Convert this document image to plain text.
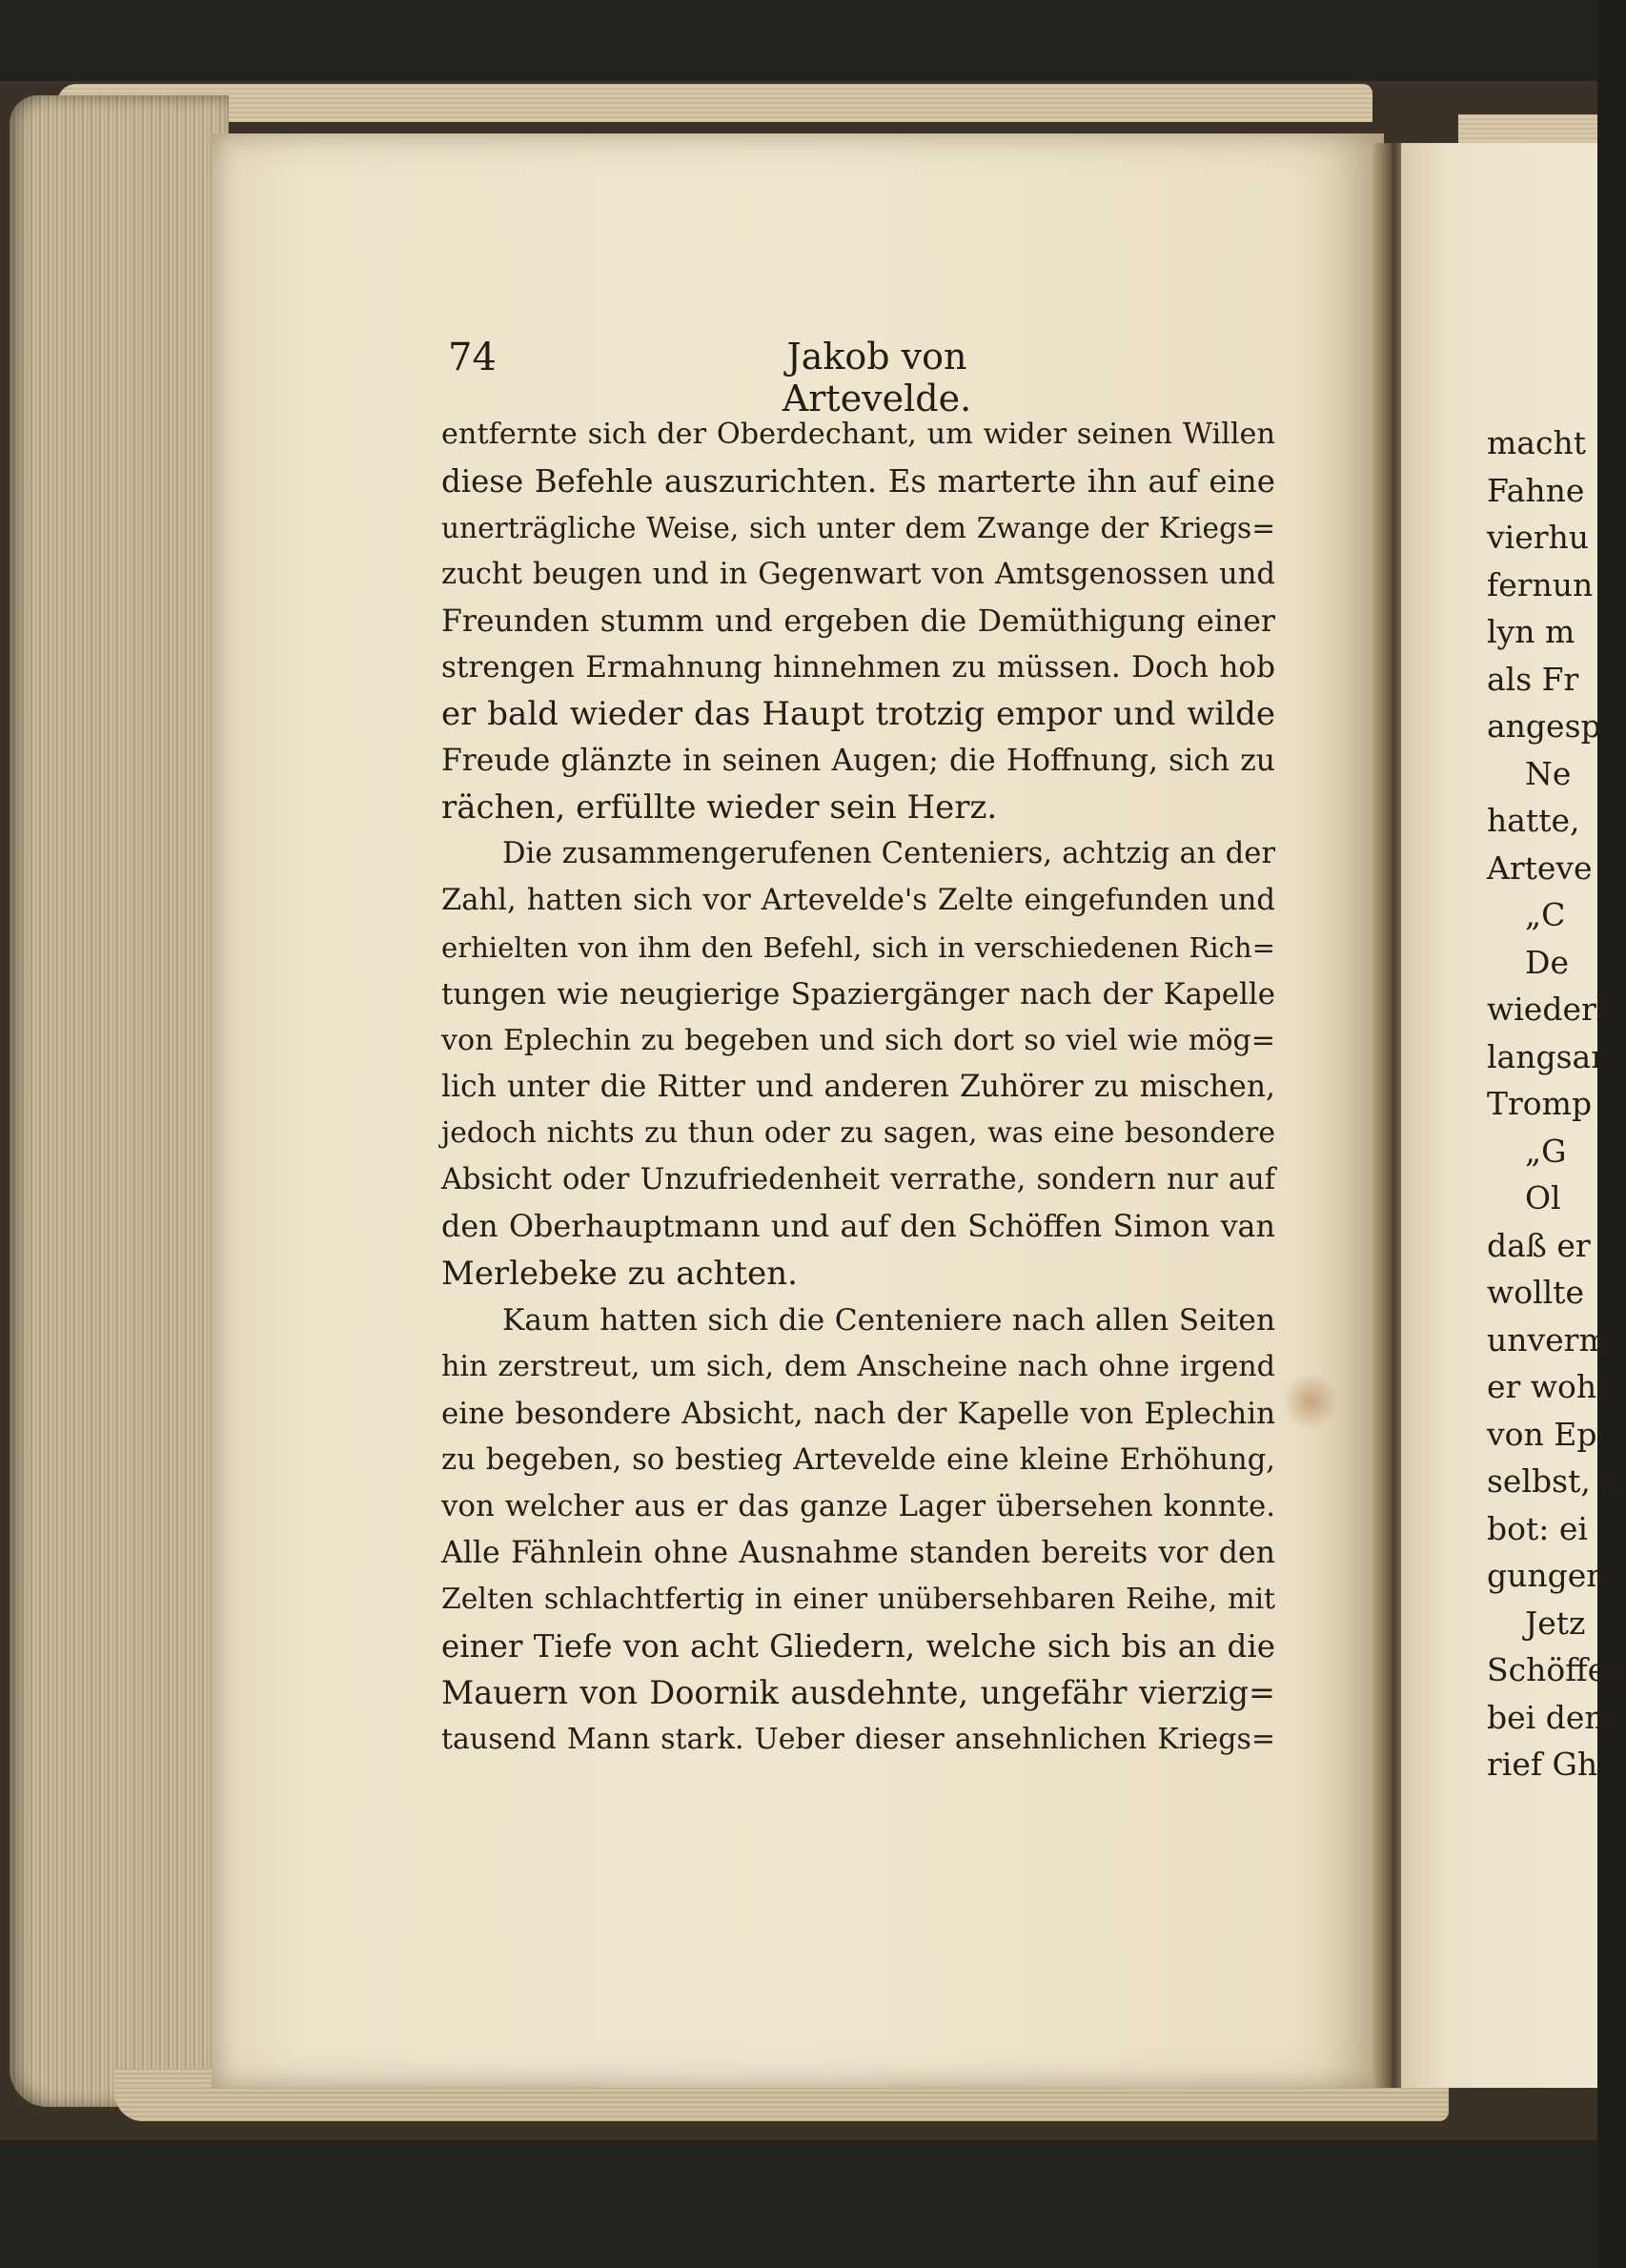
74	Jakob von Artevelde.
entfernte sich der Oberdechant, um wider seinen Willen
diese Befehle auszurichten. Es marterte ihn auf eine
unerträgliche Weise, sich unter dem Zwange der Kriegs=
zucht beugen und in Gegenwart von Amtsgenossen und
Freunden stumm und ergeben die Demüthigung einer
strengen Ermahnung hinnehmen zu müssen. Doch hob
er bald wieder das Haupt trotzig empor und wilde
Freude glänzte in seinen Augen; die Hoffnung, sich zu
rächen, erfüllte wieder sein Herz.
Die zusammengerufenen Centeniers, achtzig an der
Zahl, hatten sich vor Artevelde's Zelte eingefunden und
erhielten von ihm den Befehl, sich in verschiedenen Rich=
tungen wie neugierige Spaziergänger nach der Kapelle
von Eplechin zu begeben und sich dort so viel wie mög=
lich unter die Ritter und anderen Zuhörer zu mischen,
jedoch nichts zu thun oder zu sagen, was eine besondere
Absicht oder Unzufriedenheit verrathe, sondern nur auf
den Oberhauptmann und auf den Schöffen Simon van
Merlebeke zu achten.
Kaum hatten sich die Centeniere nach allen Seiten
hin zerstreut, um sich, dem Anscheine nach ohne irgend
eine besondere Absicht, nach der Kapelle von Eplechin
zu begeben, so bestieg Artevelde eine kleine Erhöhung,
von welcher aus er das ganze Lager übersehen konnte.
Alle Fähnlein ohne Ausnahme standen bereits vor den
Zelten schlachtfertig in einer unübersehbaren Reihe, mit
einer Tiefe von acht Gliedern, welche sich bis an die
Mauern von Doornik ausdehnte, ungefähr vierzig=
tausend Mann stark. Ueber dieser ansehnlichen Kriegs=
macht
Fahne
vierhu
fernun
lyn m
als Fr
angesp
Ne
hatte,
Arteve
„C
De
wiederl
langsar
Tromp
„G
Ol
daß er
wollte
unverm
er wohl
von Ep
selbst, a
bot: ei
gungen
Jetz
Schöffen
bei dem
rief Gh
